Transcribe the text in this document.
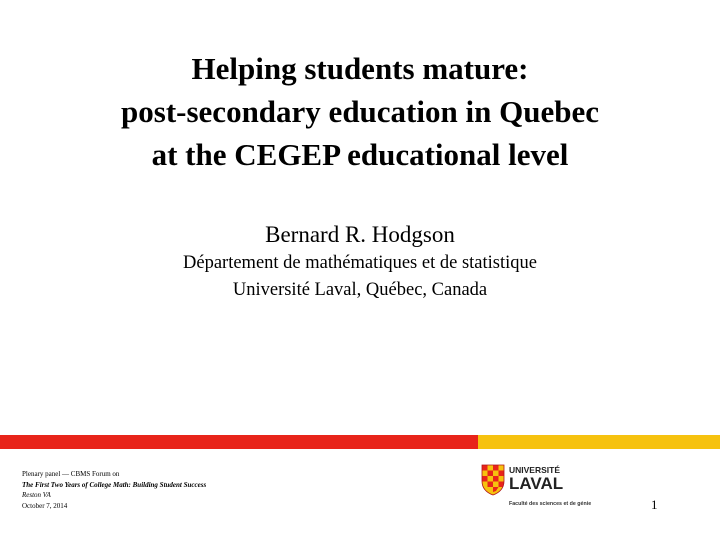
Helping students mature:
post-secondary education in Quebec
at the CEGEP educational level
Bernard R. Hodgson
Département de mathématiques et de statistique
Université Laval, Québec, Canada
Plenary panel — CBMS Forum on
The First Two Years of College Math: Building Student Success
Reston VA
October 7, 2014
UNIVERSITÉ
LAVAL
Faculté des sciences et de génie	1
